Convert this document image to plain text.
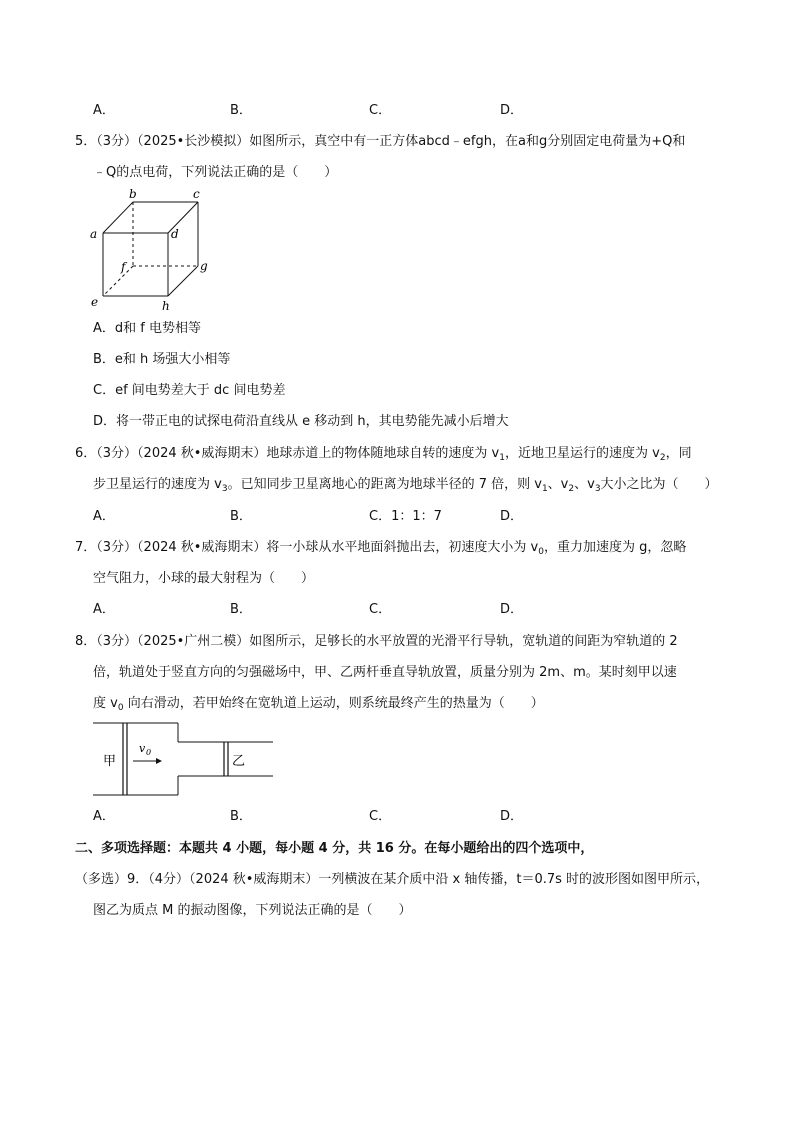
A．	B．	C．	D．
5．（3分）（2025•长沙模拟）如图所示，真空中有一正方体abcd﹣efgh，在a和g分别固定电荷量为+Q和
﹣Q的点电荷，下列说法正确的是（　　）
a
b	c
d
e
f	g
h
A．d和 f 电势相等
B．e和 h 场强大小相等
C．ef 间电势差大于 dc 间电势差
D．将一带正电的试探电荷沿直线从 e 移动到 h，其电势能先减小后增大
6．（3分）（2024 秋•威海期末）地球赤道上的物体随地球自转的速度为 $v_1$，近地卫星运行的速度为 $v_2$，同
步卫星运行的速度为 $v_3$。已知同步卫星离地心的距离为地球半径的 7 倍，则 $v_1$、$v_2$、$v_3$大小之比为（　　）
A．	B．	C．1：1：7	D．
7．（3分）（2024 秋•威海期末）将一小球从水平地面斜抛出去，初速度大小为 $v_0$，重力加速度为 g，忽略
空气阻力，小球的最大射程为（　　）
A．	B．	C．	D．
8．（3分）（2025•广州二模）如图所示，足够长的水平放置的光滑平行导轨，宽轨道的间距为窄轨道的 2
倍，轨道处于竖直方向的匀强磁场中，甲、乙两杆垂直导轨放置，质量分别为 2m、m。某时刻甲以速
度 $v_0$ 向右滑动，若甲始终在宽轨道上运动，则系统最终产生的热量为（　　）
v 0
甲	乙
A．	B．	C．	D．
二、多项选择题：本题共 4 小题，每小题 4 分，共 16 分。在每小题给出的四个选项中，
（多选）9．（4分）（2024 秋•威海期末）一列横波在某介质中沿 x 轴传播，t＝0.7s 时的波形图如图甲所示，
图乙为质点 M 的振动图像，下列说法正确的是（　　）
